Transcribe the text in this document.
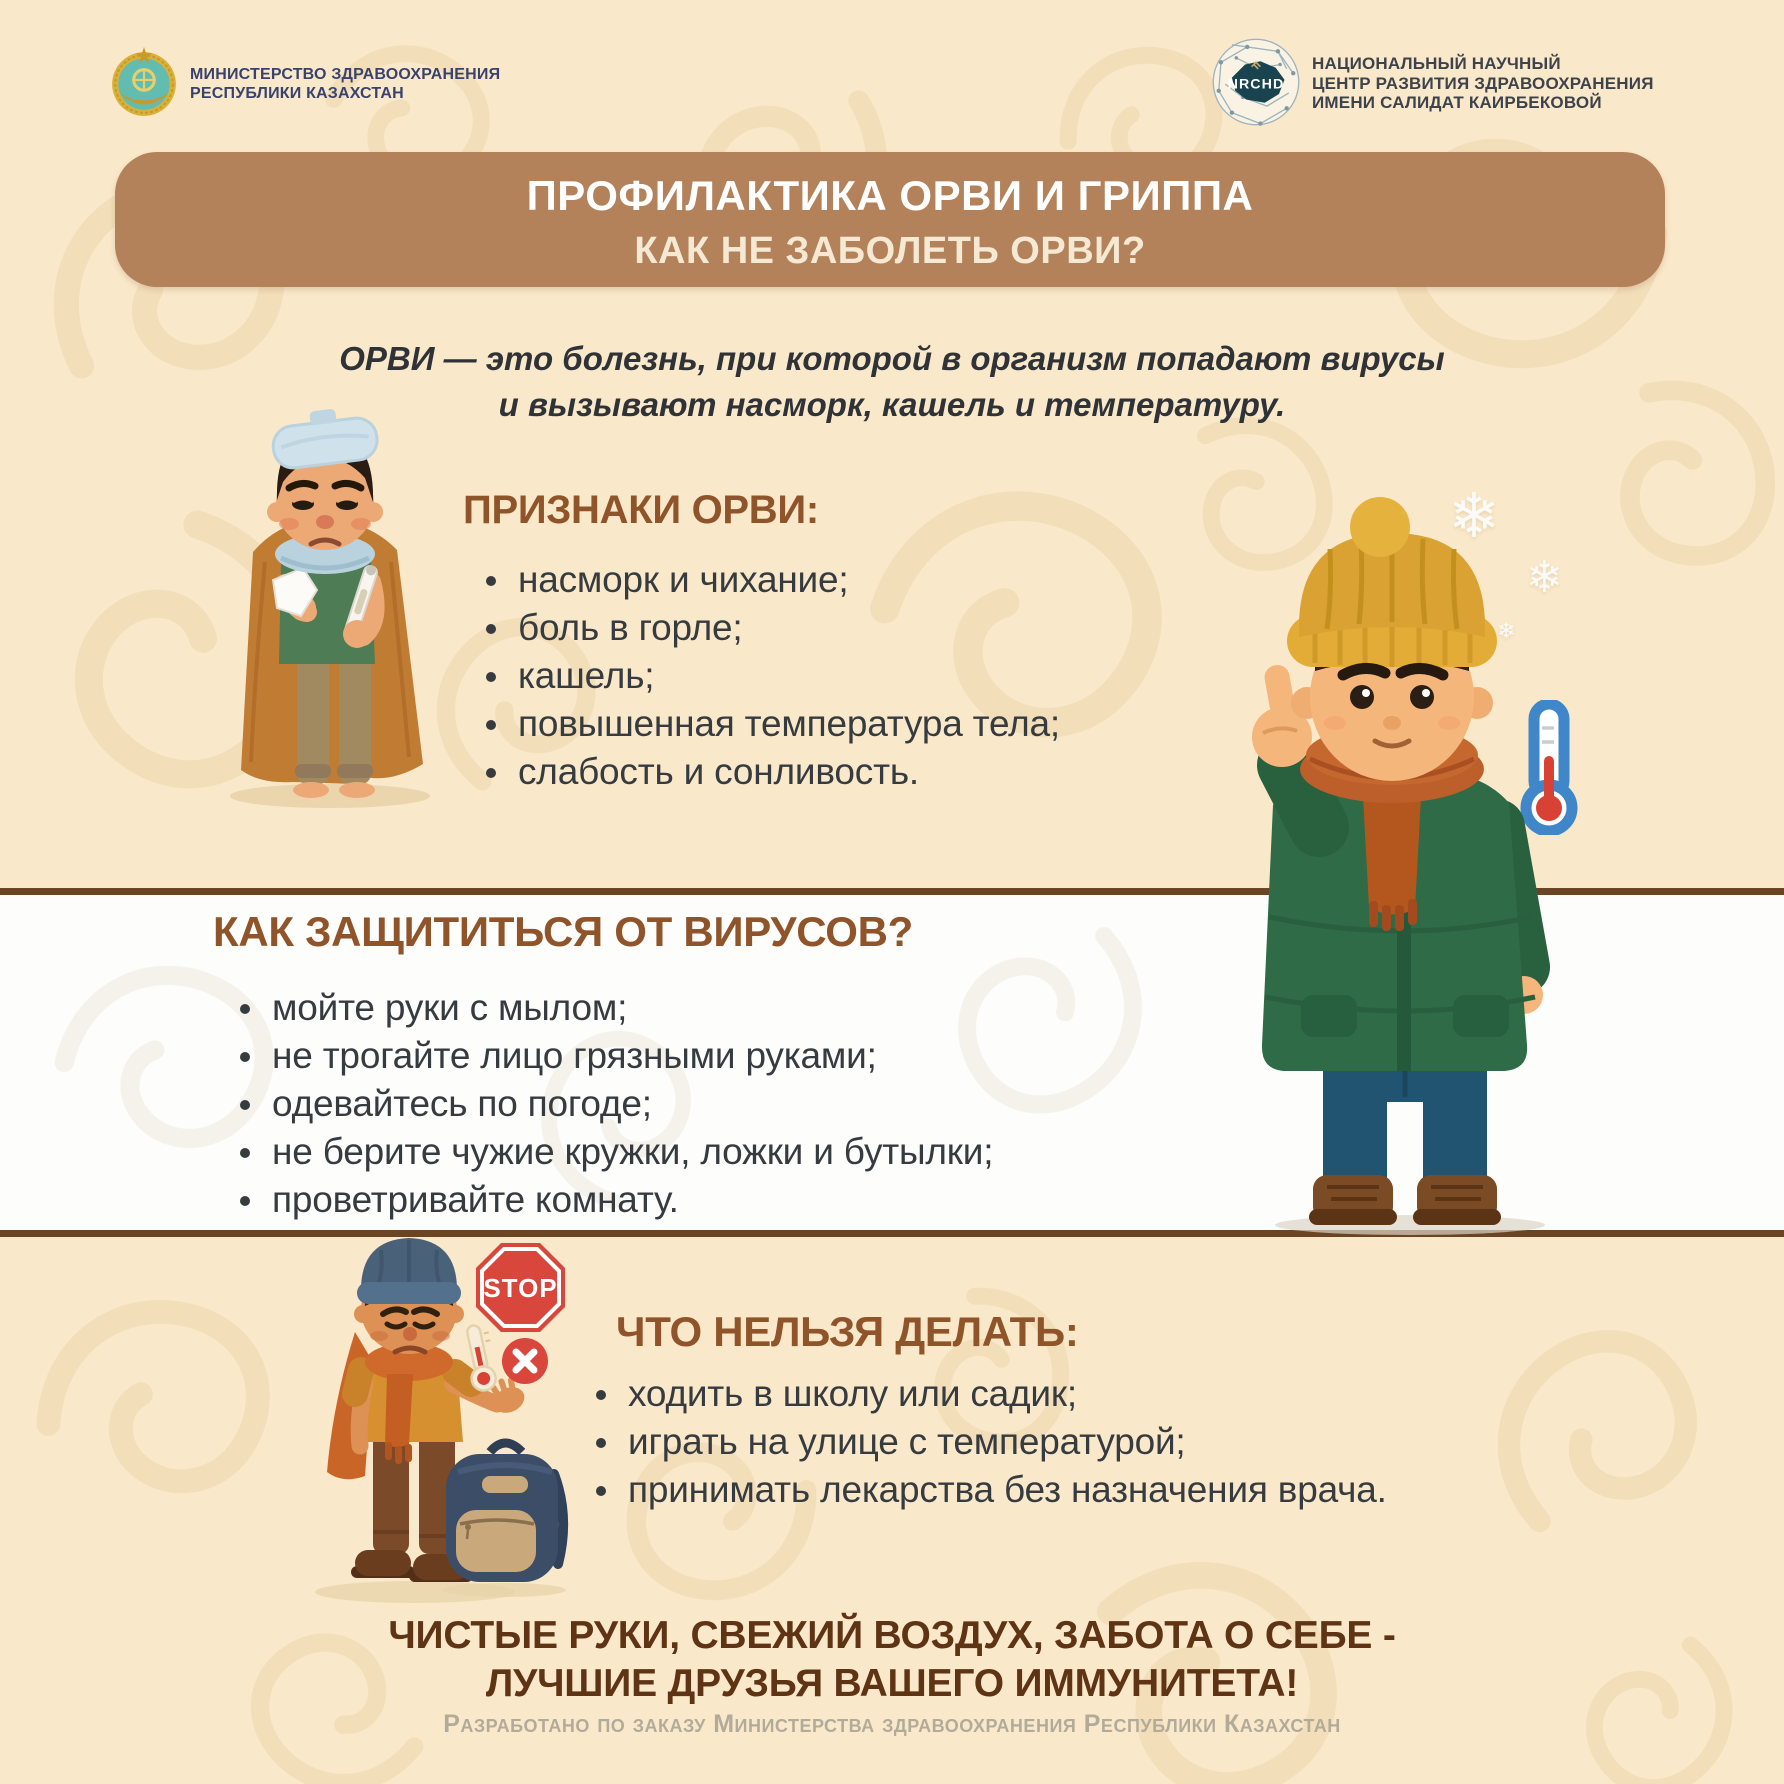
МИНИСТЕРСТВО ЗДРАВООХРАНЕНИЯ
РЕСПУБЛИКИ КАЗАХСТАН
NRCHD
НАЦИОНАЛЬНЫЙ НАУЧНЫЙ
ЦЕНТР РАЗВИТИЯ ЗДРАВООХРАНЕНИЯ
ИМЕНИ САЛИДАТ КАИРБЕКОВОЙ
ПРОФИЛАКТИКА ОРВИ И ГРИППА
КАК НЕ ЗАБОЛЕТЬ ОРВИ?
ОРВИ — это болезнь, при которой в организм попадают вирусы
и вызывают насморк, кашель и температуру.
ПРИЗНАКИ ОРВИ:
насморк и чихание;
боль в горле;
кашель;
повышенная температура тела;
слабость и сонливость.
КАК ЗАЩИТИТЬСЯ ОТ ВИРУСОВ?
мойте руки с мылом;
не трогайте лицо грязными руками;
одевайтесь по погоде;
не берите чужие кружки, ложки и бутылки;
проветривайте комнату.
ЧТО НЕЛЬЗЯ ДЕЛАТЬ:
ходить в школу или садик;
играть на улице с температурой;
принимать лекарства без назначения врача.
ЧИСТЫЕ РУКИ, СВЕЖИЙ ВОЗДУХ, ЗАБОТА О СЕБЕ -
ЛУЧШИЕ ДРУЗЬЯ ВАШЕГО ИММУНИТЕТА!
Разработано по заказу Министерства здравоохранения Республики Казахстан
❄
❄
❄
STOP
